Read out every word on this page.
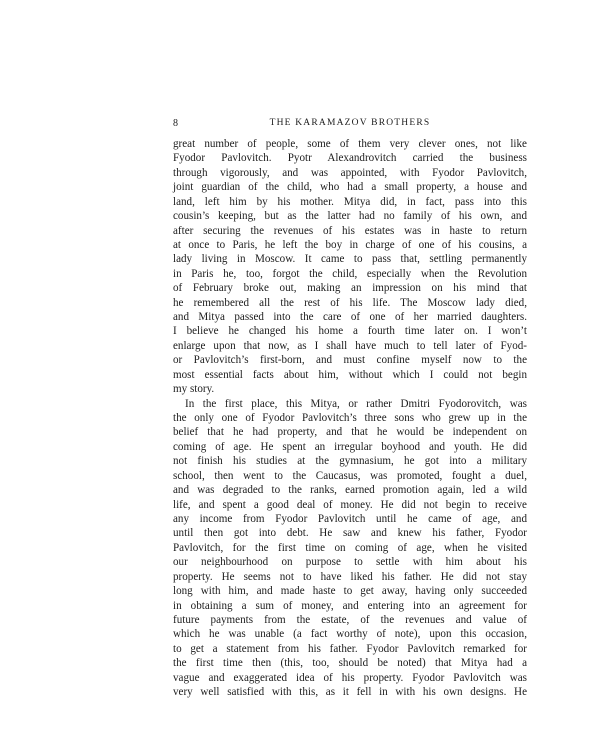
8	THE KARAMAZOV BROTHERS
great number of people, some of them very clever ones, not like
Fyodor Pavlovitch. Pyotr Alexandrovitch carried the business
through vigorously, and was appointed, with Fyodor Pavlovitch,
joint guardian of the child, who had a small property, a house and
land, left him by his mother. Mitya did, in fact, pass into this
cousin’s keeping, but as the latter had no family of his own, and
after securing the revenues of his estates was in haste to return
at once to Paris, he left the boy in charge of one of his cousins, a
lady living in Moscow. It came to pass that, settling permanently
in Paris he, too, forgot the child, especially when the Revolution
of February broke out, making an impression on his mind that
he remembered all the rest of his life. The Moscow lady died,
and Mitya passed into the care of one of her married daughters.
I believe he changed his home a fourth time later on. I won’t
enlarge upon that now, as I shall have much to tell later of Fyod-
or Pavlovitch’s first-born, and must confine myself now to the
most essential facts about him, without which I could not begin
my story.
In the first place, this Mitya, or rather Dmitri Fyodorovitch, was
the only one of Fyodor Pavlovitch’s three sons who grew up in the
belief that he had property, and that he would be independent on
coming of age. He spent an irregular boyhood and youth. He did
not finish his studies at the gymnasium, he got into a military
school, then went to the Caucasus, was promoted, fought a duel,
and was degraded to the ranks, earned promotion again, led a wild
life, and spent a good deal of money. He did not begin to receive
any income from Fyodor Pavlovitch until he came of age, and
until then got into debt. He saw and knew his father, Fyodor
Pavlovitch, for the first time on coming of age, when he visited
our neighbourhood on purpose to settle with him about his
property. He seems not to have liked his father. He did not stay
long with him, and made haste to get away, having only succeeded
in obtaining a sum of money, and entering into an agreement for
future payments from the estate, of the revenues and value of
which he was unable (a fact worthy of note), upon this occasion,
to get a statement from his father. Fyodor Pavlovitch remarked for
the first time then (this, too, should be noted) that Mitya had a
vague and exaggerated idea of his property. Fyodor Pavlovitch was
very well satisfied with this, as it fell in with his own designs. He
